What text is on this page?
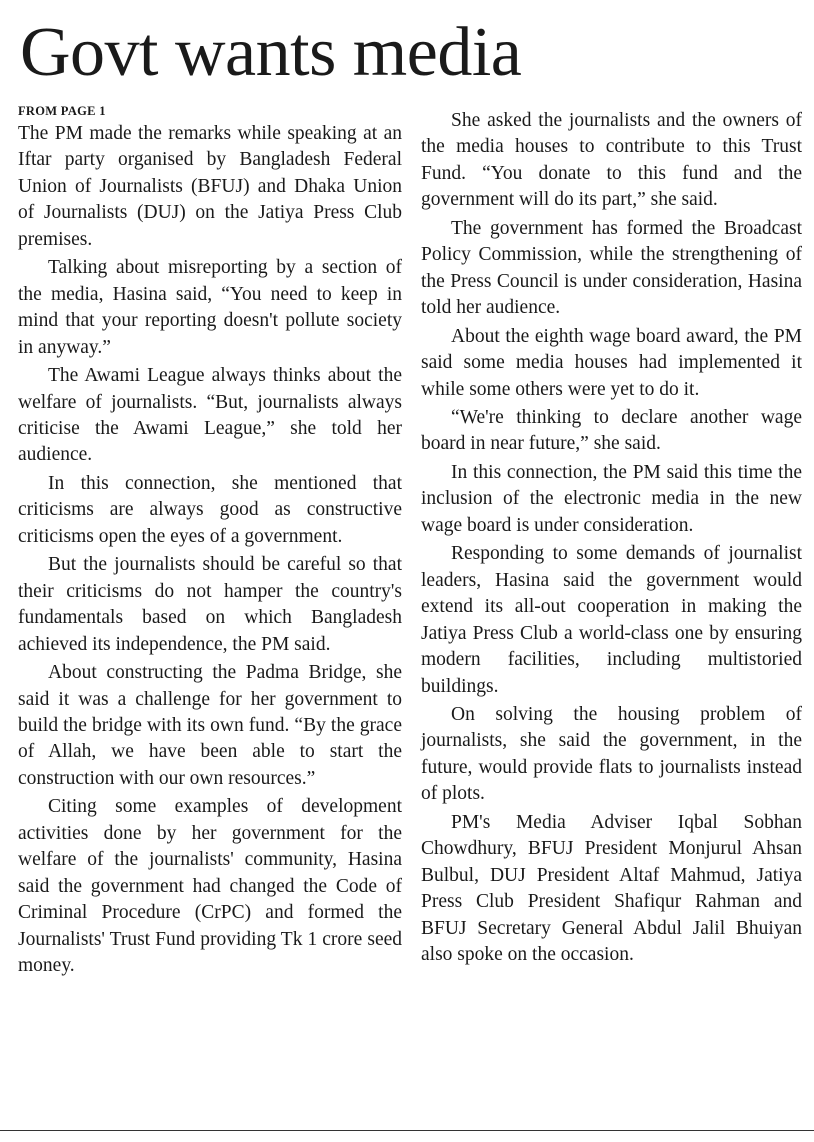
Govt wants media
FROM PAGE 1

The PM made the remarks while speaking at an Iftar party organised by Bangladesh Federal Union of Journalists (BFUJ) and Dhaka Union of Journalists (DUJ) on the Jatiya Press Club premises.

Talking about misreporting by a section of the media, Hasina said, “You need to keep in mind that your reporting doesn't pollute society in anyway.”

The Awami League always thinks about the welfare of journalists. “But, journalists always criticise the Awami League,” she told her audience.

In this connection, she mentioned that criticisms are always good as constructive criticisms open the eyes of a government.

But the journalists should be careful so that their criticisms do not hamper the country's fundamentals based on which Bangladesh achieved its independence, the PM said.

About constructing the Padma Bridge, she said it was a challenge for her government to build the bridge with its own fund. “By the grace of Allah, we have been able to start the construction with our own resources.”

Citing some examples of development activities done by her government for the welfare of the journalists' community, Hasina said the government had changed the Code of Criminal Procedure (CrPC) and formed the Journalists' Trust Fund providing Tk 1 crore seed money.

She asked the journalists and the owners of the media houses to contribute to this Trust Fund. “You donate to this fund and the government will do its part,” she said.

The government has formed the Broadcast Policy Commission, while the strengthening of the Press Council is under consideration, Hasina told her audience.

About the eighth wage board award, the PM said some media houses had implemented it while some others were yet to do it.

“We're thinking to declare another wage board in near future,” she said.

In this connection, the PM said this time the inclusion of the electronic media in the new wage board is under consideration.

Responding to some demands of journalist leaders, Hasina said the government would extend its all-out cooperation in making the Jatiya Press Club a world-class one by ensuring modern facilities, including multistoried buildings.

On solving the housing problem of journalists, she said the government, in the future, would provide flats to journalists instead of plots.

PM's Media Adviser Iqbal Sobhan Chowdhury, BFUJ President Monjurul Ahsan Bulbul, DUJ President Altaf Mahmud, Jatiya Press Club President Shafiqur Rahman and BFUJ Secretary General Abdul Jalil Bhuiyan also spoke on the occasion.
